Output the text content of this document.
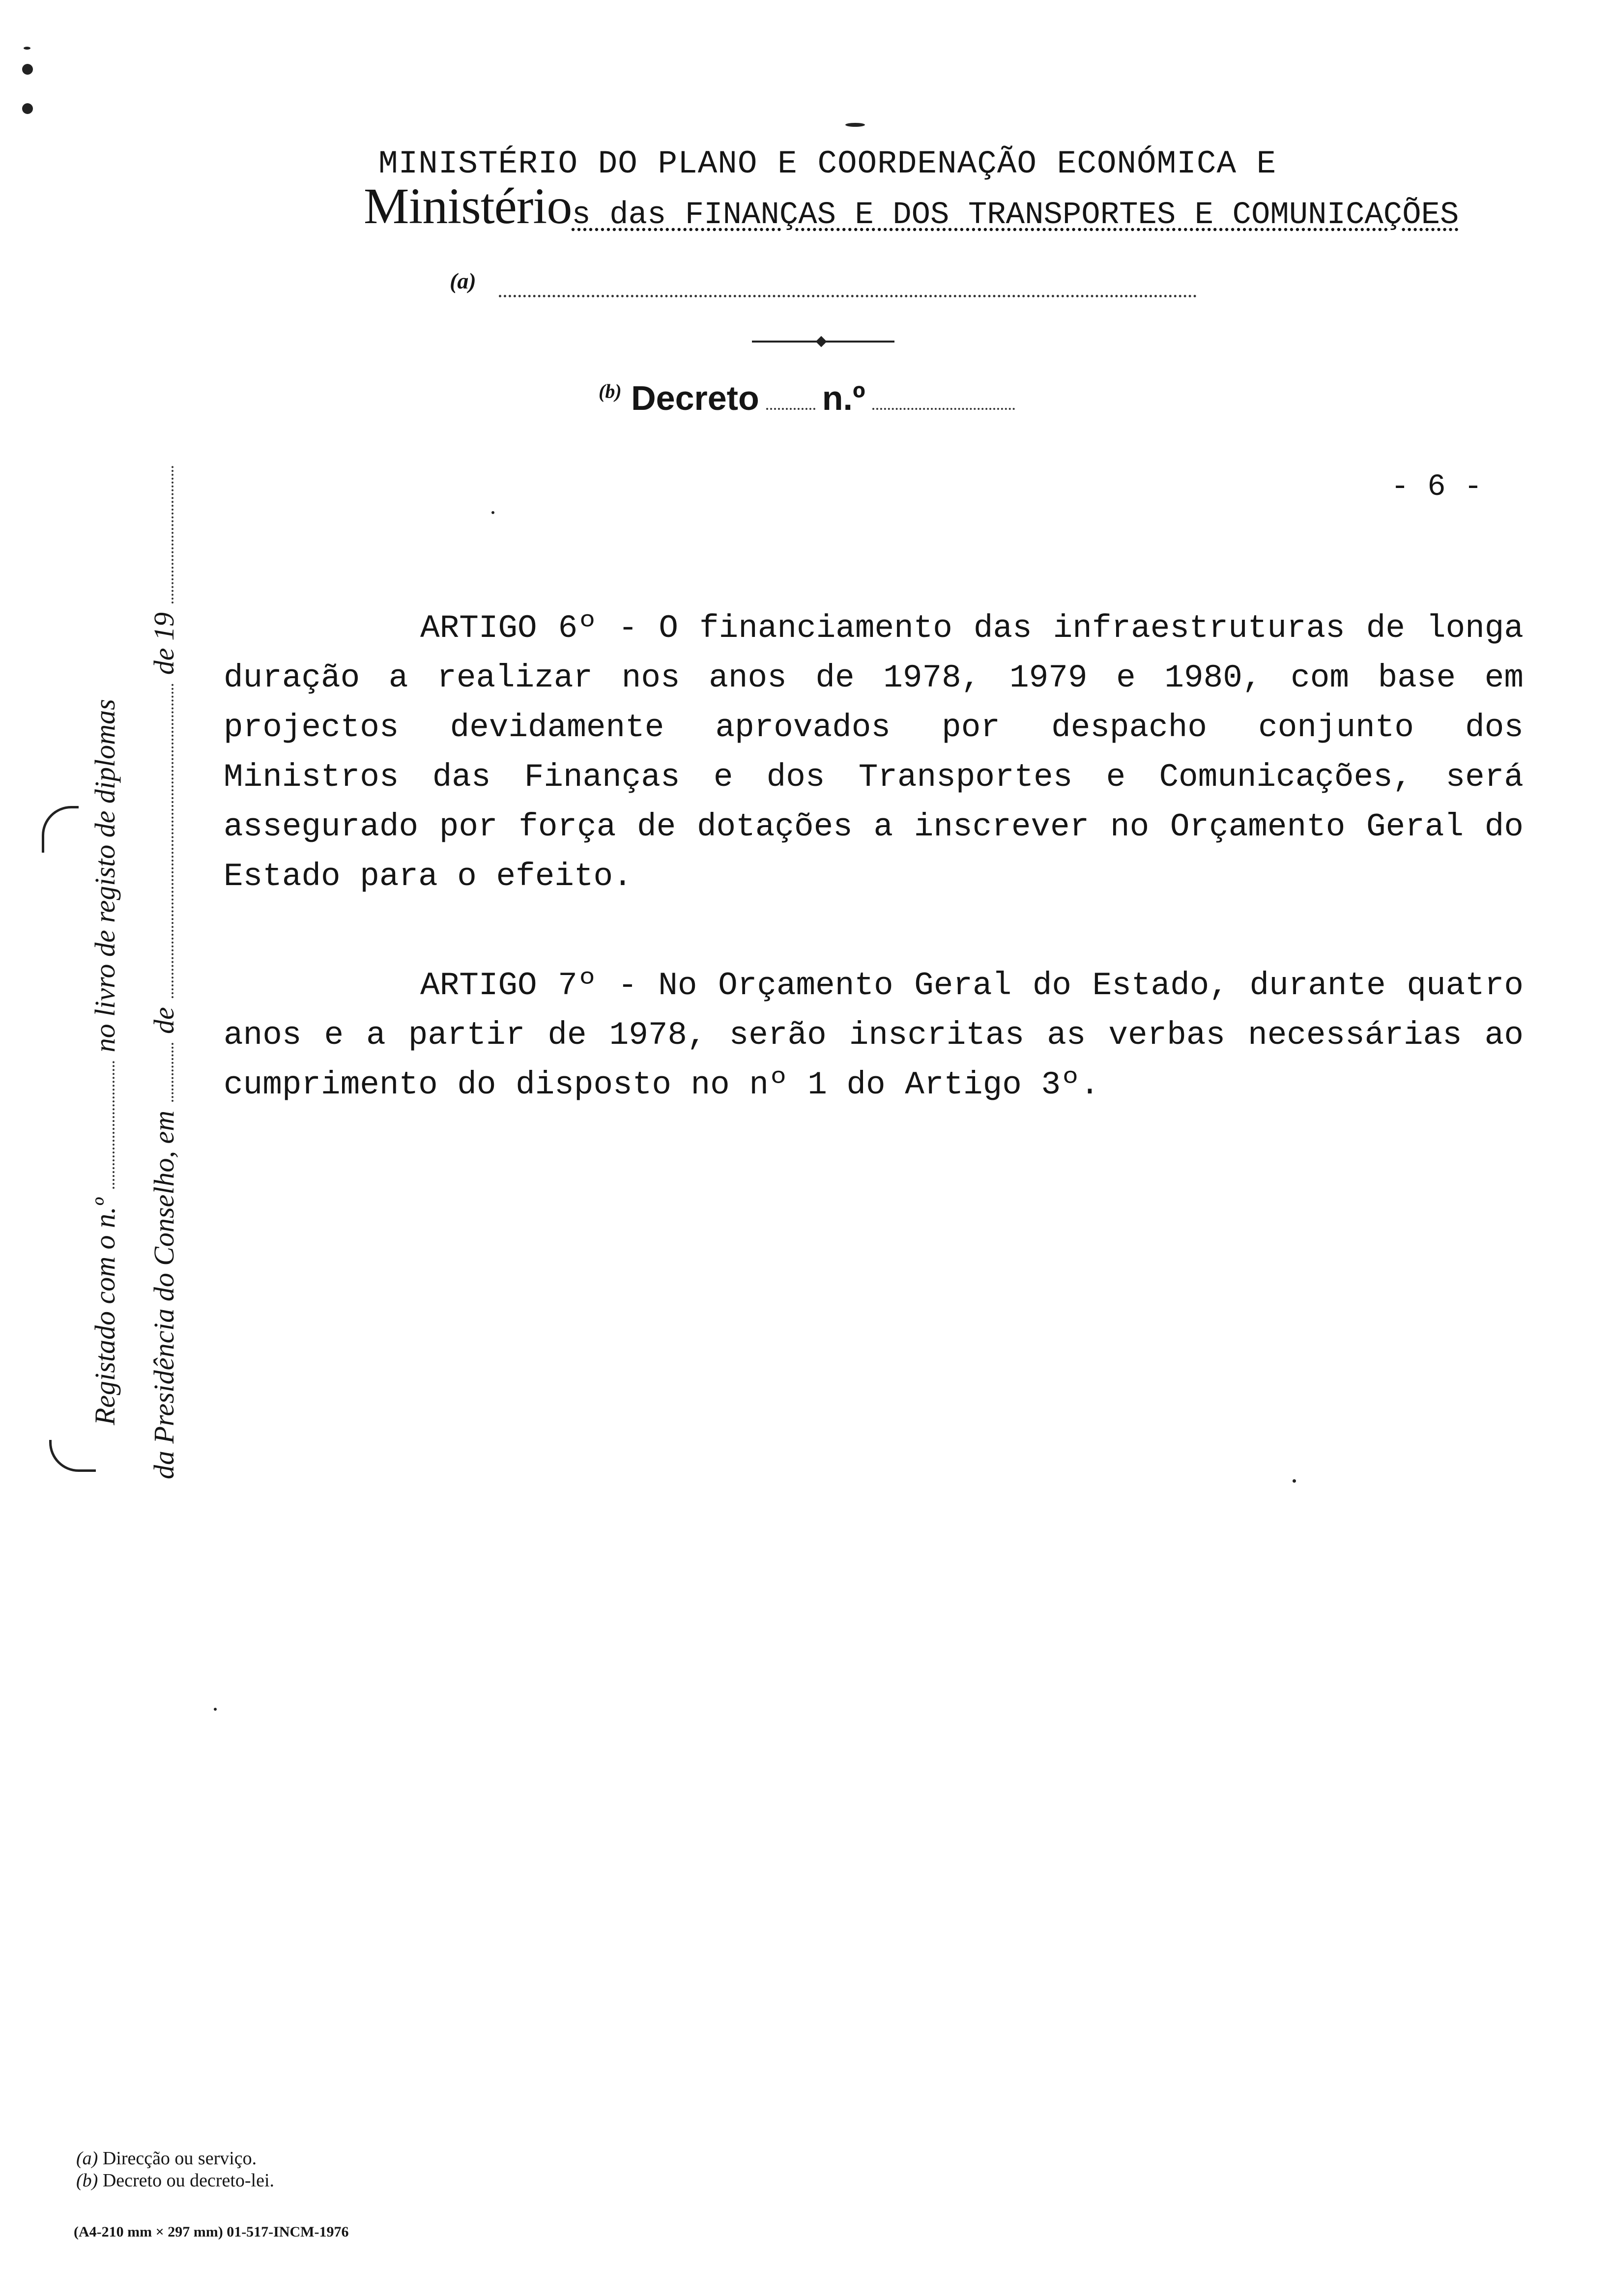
MINISTÉRIO DO PLANO E COORDENAÇÃO ECONÓMICA E
Ministérios das FINANÇAS E DOS TRANSPORTES E COMUNICAÇÕES
(a)
$^{(b)}$ Decreto n.º
- 6 -
ARTIGO 6º - O financiamento das infraestruturas de longa duração a realizar nos anos de 1978, 1979 e 1980, com base em projectos devidamente aprovados por despacho conjunto dos Ministros das Finanças e dos Transportes e Comunicações, será assegurado por força de dotações a inscrever no Orçamento Geral do Estado para o efeito.
ARTIGO 7º - No Orçamento Geral do Estado, durante quatro anos e a partir de 1978, serão inscritas as verbas necessárias ao cumprimento do disposto no nº 1 do Artigo 3º.
Registado com o n.ºno livro de registo de diplomas
da Presidência do Conselho, emdede 19
(a) Direcção ou serviço.
(b) Decreto ou decreto-lei.
(A4-210 mm × 297 mm) 01-517-INCM-1976
